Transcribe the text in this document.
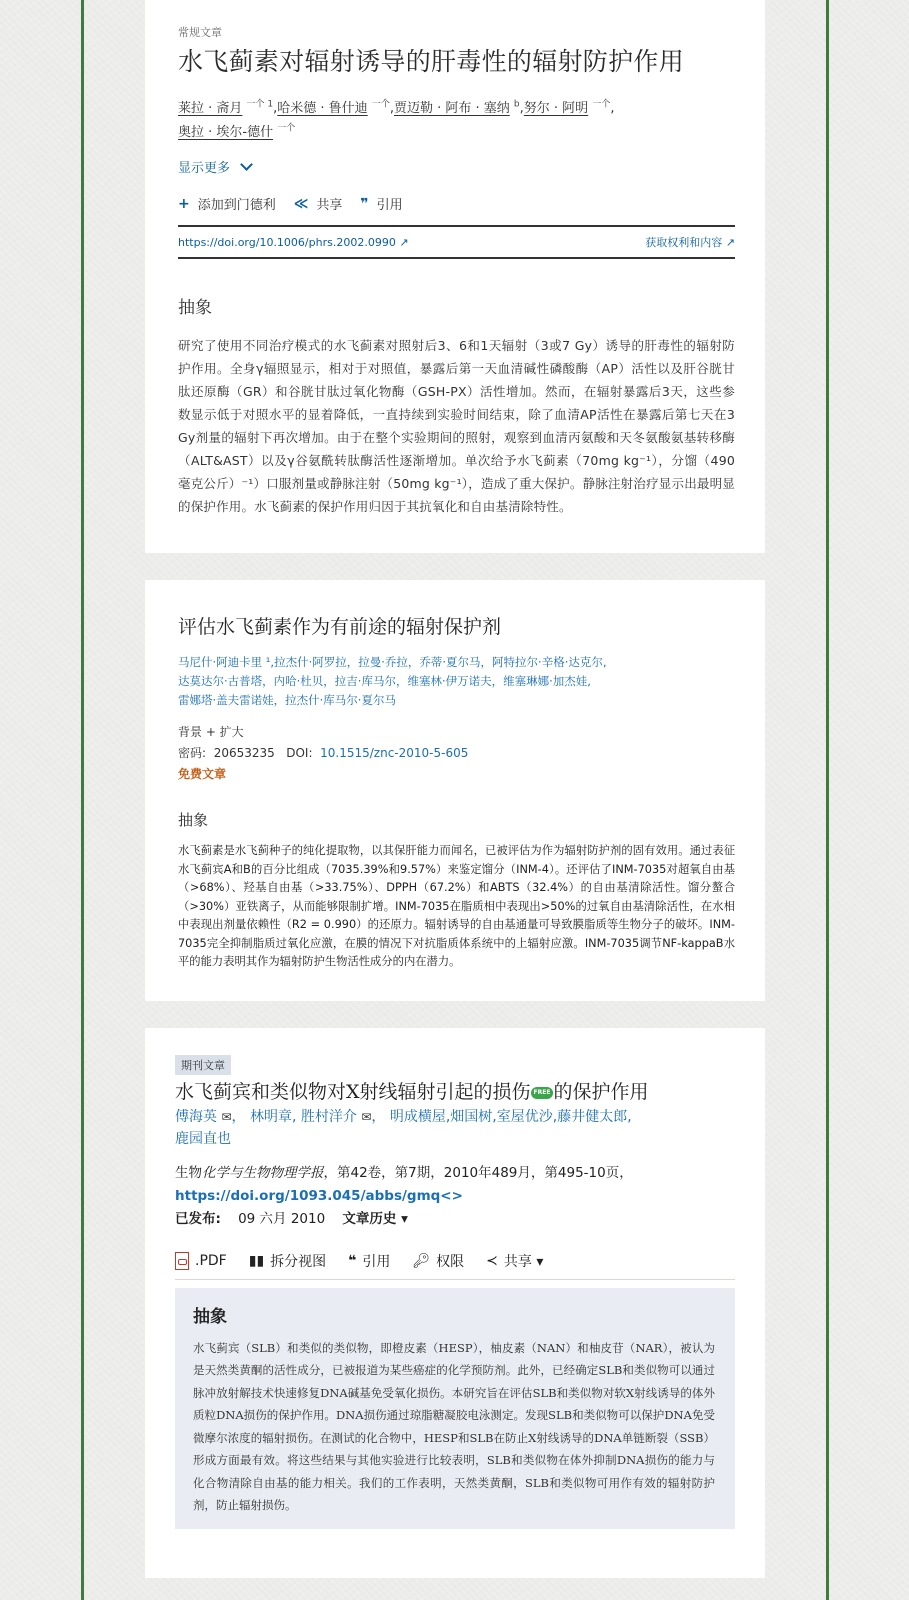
常规文章
水飞蓟素对辐射诱导的肝毒性的辐射防护作用
莱拉 · 斋月 $^{一个 1}$,哈米德 · 鲁什迪 $^{一个}$,贾迈勒 · 阿布 · 塞纳 $^b$,努尔 · 阿明 $^{一个}$,
奥拉 · 埃尔-德什 $^{一个}$
显示更多
+ 添加到门德利 ≪ 共享 ❞ 引用
https://doi.org/10.1006/phrs.2002.0990 ↗	获取权利和内容 ↗
抽象
研究了使用不同治疗模式的水飞蓟素对照射后3、6和1天辐射（3或7 Gy）诱导的肝毒性的辐射防护作用。全身γ辐照显示，相对于对照值，暴露后第一天血清碱性磷酸酶（AP）活性以及肝谷胱甘肽还原酶（GR）和谷胱甘肽过氧化物酶（GSH-PX）活性增加。然而，在辐射暴露后3天，这些参数显示低于对照水平的显着降低，一直持续到实验时间结束，除了血清AP活性在暴露后第七天在3 Gy剂量的辐射下再次增加。由于在整个实验期间的照射，观察到血清丙氨酸和天冬氨酸氨基转移酶（ALT&AST）以及γ谷氨酰转肽酶活性逐渐增加。单次给予水飞蓟素（70mg kg⁻¹），分馏（490毫克公斤）⁻¹）口服剂量或静脉注射（50mg kg⁻¹），造成了重大保护。静脉注射治疗显示出最明显的保护作用。水飞蓟素的保护作用归因于其抗氧化和自由基清除特性。
评估水飞蓟素作为有前途的辐射保护剂
马尼什·阿迪卡里 ¹,拉杰什·阿罗拉，拉曼·乔拉，乔蒂·夏尔马，阿特拉尔·辛格·达克尔,
达莫达尔·古普塔，内哈·杜贝，拉吉·库马尔，维塞林·伊万诺夫，维塞琳娜·加杰娃,
雷娜塔·盖夫雷诺娃，拉杰什·库马尔·夏尔马
背景 + 扩大
密码: 20653235 DOI: 10.1515/znc-2010-5-605
免费文章
抽象
水飞蓟素是水飞蓟种子的纯化提取物，以其保肝能力而闻名，已被评估为作为辐射防护剂的固有效用。通过表征水飞蓟宾A和B的百分比组成（7035.39%和9.57%）来鉴定馏分（INM-4）。还评估了INM-7035对超氧自由基（>68%）、羟基自由基（>33.75%）、DPPH（67.2%）和ABTS（32.4%）的自由基清除活性。馏分螯合（>30%）亚铁离子，从而能够限制扩增。INM-7035在脂质相中表现出>50%的过氧自由基清除活性，在水相中表现出剂量依赖性（R2 = 0.990）的还原力。辐射诱导的自由基通量可导致膜脂质等生物分子的破坏。INM-7035完全抑制脂质过氧化应激，在膜的情况下对抗脂质体系统中的上辐射应激。INM-7035调节NF-kappaB水平的能力表明其作为辐射防护生物活性成分的内在潜力。
期刊文章
水飞蓟宾和类似物对X射线辐射引起的损伤 FREE 的保护作用
傅海英 ✉， 林明章, 胜村洋介 ✉， 明成横屋,畑国树,室屋优沙,藤井健太郎,
鹿园直也
生物化学与生物物理学报，第42卷，第7期，2010年489月，第495-10页，
https://doi.org/1093.045/abbs/gmq<>
已发布: 09 六月 2010 文章历史 ▾
.PDF ▮▮ 拆分视图 ❝ 引用 🔑︎ 权限 ≺ 共享 ▾
抽象
水飞蓟宾（SLB）和类似的类似物，即橙皮素（HESP），柚皮素（NAN）和柚皮苷（NAR），被认为是天然类黄酮的活性成分，已被报道为某些癌症的化学预防剂。此外，已经确定SLB和类似物可以通过脉冲放射解技术快速修复DNA碱基免受氧化损伤。本研究旨在评估SLB和类似物对软X射线诱导的体外质粒DNA损伤的保护作用。DNA损伤通过琼脂糖凝胶电泳测定。发现SLB和类似物可以保护DNA免受微摩尔浓度的辐射损伤。在测试的化合物中，HESP和SLB在防止X射线诱导的DNA单链断裂（SSB）形成方面最有效。将这些结果与其他实验进行比较表明，SLB和类似物在体外抑制DNA损伤的能力与化合物清除自由基的能力相关。我们的工作表明，天然类黄酮，SLB和类似物可用作有效的辐射防护剂，防止辐射损伤。
